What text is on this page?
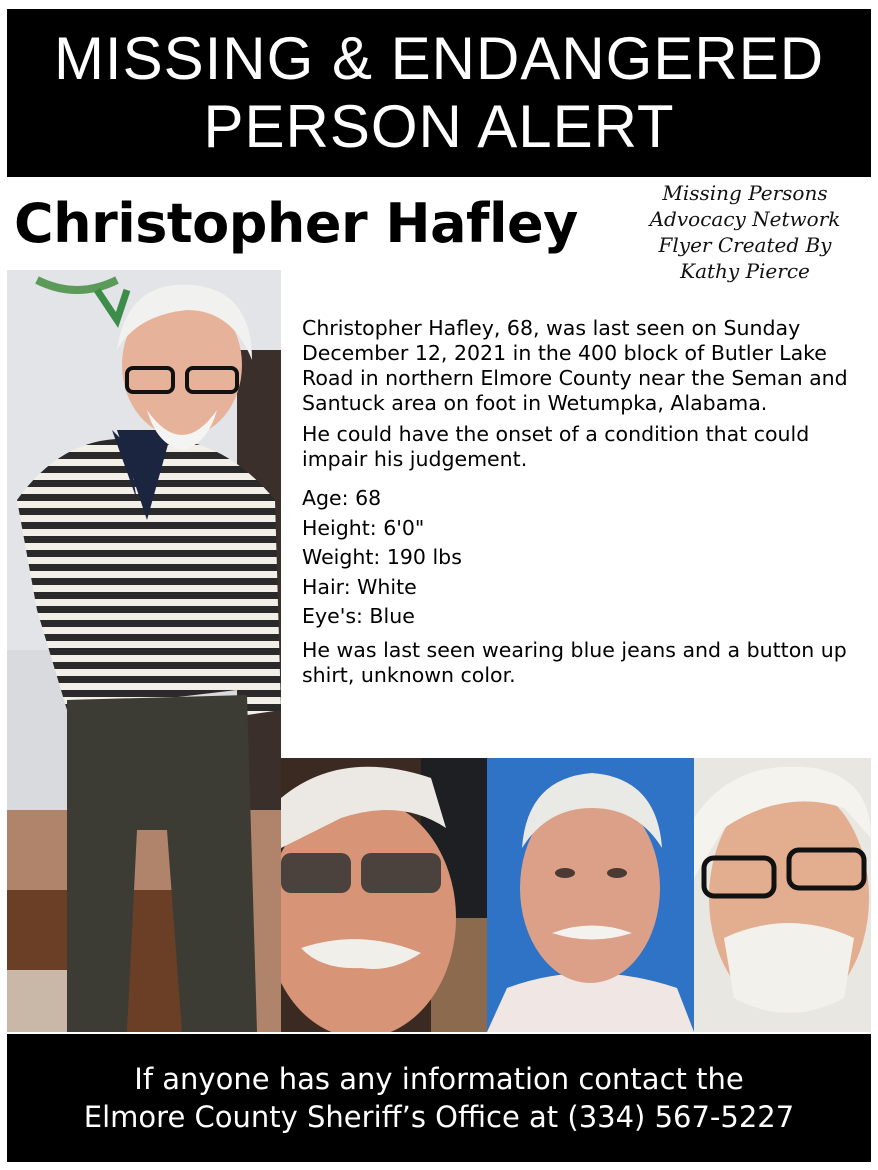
MISSING & ENDANGERED
PERSON ALERT
Christopher Hafley	Missing Persons
Advocacy Network
Flyer Created By
Kathy Pierce

Christopher Hafley, 68, was last seen on Sunday December 12, 2021 in the 400 block of Butler Lake Road in northern Elmore County near the Seman and Santuck area on foot in Wetumpka, Alabama.

He could have the onset of a condition that could impair his judgement.

Age: 68
Height: 6'0"
Weight: 190 lbs
Hair: White
Eye's: Blue

He was last seen wearing blue jeans and a button up shirt, unknown color.

If anyone has any information contact the
Elmore County Sheriff’s Office at (334) 567-5227
